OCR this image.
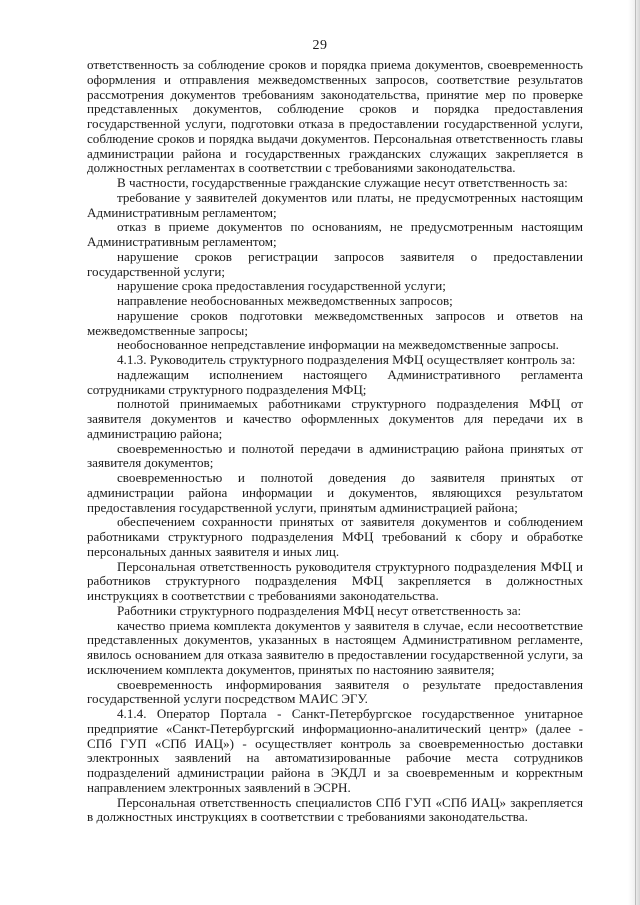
29

ответственность за соблюдение сроков и порядка приема документов, своевременность оформления и отправления межведомственных запросов, соответствие результатов рассмотрения документов требованиям законодательства, принятие мер по проверке представленных документов, соблюдение сроков и порядка предоставления государственной услуги, подготовки отказа в предоставлении государственной услуги, соблюдение сроков и порядка выдачи документов. Персональная ответственность главы администрации района и государственных гражданских служащих закрепляется в должностных регламентах в соответствии с требованиями законодательства.

В частности, государственные гражданские служащие несут ответственность за:

требование у заявителей документов или платы, не предусмотренных настоящим Административным регламентом;

отказ в приеме документов по основаниям, не предусмотренным настоящим Административным регламентом;

нарушение сроков регистрации запросов заявителя о предоставлении государственной услуги;

нарушение срока предоставления государственной услуги;

направление необоснованных межведомственных запросов;

нарушение сроков подготовки межведомственных запросов и ответов на межведомственные запросы;

необоснованное непредставление информации на межведомственные запросы.

4.1.3. Руководитель структурного подразделения МФЦ осуществляет контроль за:

надлежащим исполнением настоящего Административного регламента сотрудниками структурного подразделения МФЦ;

полнотой принимаемых работниками структурного подразделения МФЦ от заявителя документов и качество оформленных документов для передачи их в администрацию района;

своевременностью и полнотой передачи в администрацию района принятых от заявителя документов;

своевременностью и полнотой доведения до заявителя принятых от администрации района информации и документов, являющихся результатом предоставления государственной услуги, принятым администрацией района;

обеспечением сохранности принятых от заявителя документов и соблюдением работниками структурного подразделения МФЦ требований к сбору и обработке персональных данных заявителя и иных лиц.

Персональная ответственность руководителя структурного подразделения МФЦ и работников структурного подразделения МФЦ закрепляется в должностных инструкциях в соответствии с требованиями законодательства.

Работники структурного подразделения МФЦ несут ответственность за:

качество приема комплекта документов у заявителя в случае, если несоответствие представленных документов, указанных в настоящем Административном регламенте, явилось основанием для отказа заявителю в предоставлении государственной услуги, за исключением комплекта документов, принятых по настоянию заявителя;

своевременность информирования заявителя о результате предоставления государственной услуги посредством МАИС ЭГУ.

4.1.4. Оператор Портала - Санкт-Петербургское государственное унитарное предприятие «Санкт-Петербургский информационно-аналитический центр» (далее - СПб ГУП «СПб ИАЦ») - осуществляет контроль за своевременностью доставки электронных заявлений на автоматизированные рабочие места сотрудников подразделений администрации района в ЭКДЛ и за своевременным и корректным направлением электронных заявлений в ЭСРН.

Персональная ответственность специалистов СПб ГУП «СПб ИАЦ» закрепляется в должностных инструкциях в соответствии с требованиями законодательства.
